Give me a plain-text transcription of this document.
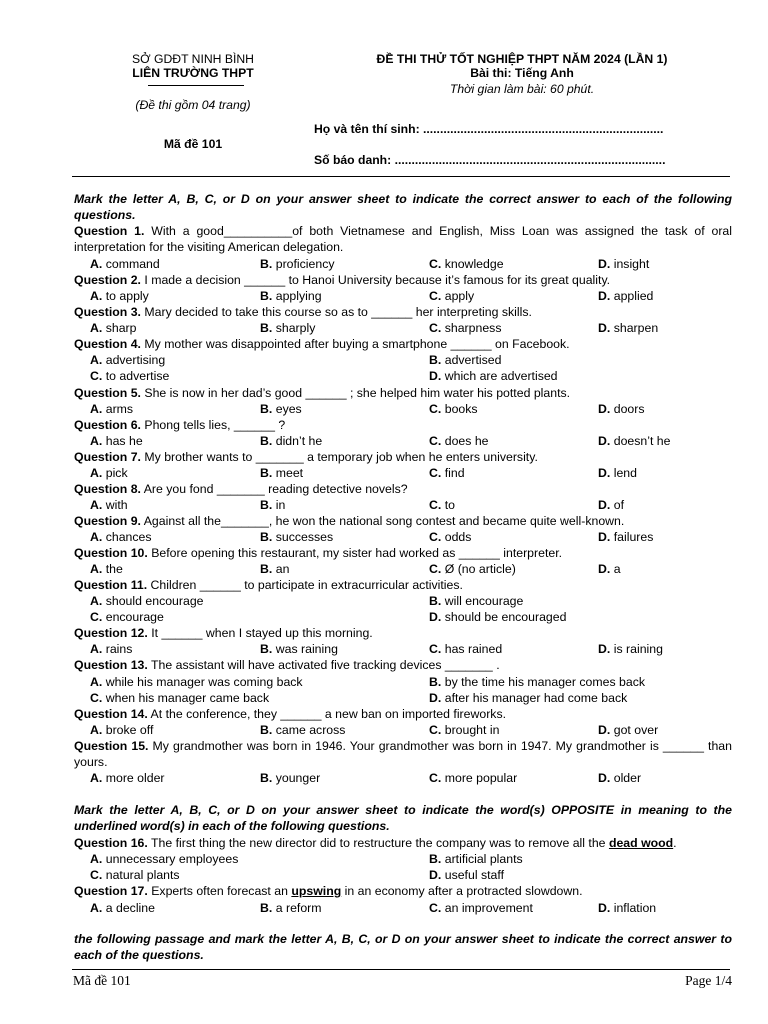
SỞ GDĐT NINH BÌNH
LIÊN TRƯỜNG THPT
(Đề thi gồm 04 trang)
Mã đề 101
ĐỀ THI THỬ TỐT NGHIỆP THPT NĂM 2024 (LẦN 1)
Bài thi: Tiếng Anh
Thời gian làm bài: 60 phút.
Họ và tên thí sinh: .......................................................................
Số báo danh: ................................................................................
Mark the letter A, B, C, or D on your answer sheet to indicate the correct answer to each of the following questions.
Question 1. With a good__________of both Vietnamese and English, Miss Loan was assigned the task of oral interpretation for the visiting American delegation.
A. command	B. proficiency	C. knowledge	D. insight
Question 2. I made a decision ______ to Hanoi University because it’s famous for its great quality.
A. to apply	B. applying	C. apply	D. applied
Question 3. Mary decided to take this course so as to ______ her interpreting skills.
A. sharp	B. sharply	C. sharpness	D. sharpen
Question 4. My mother was disappointed after buying a smartphone ______ on Facebook.
A. advertising	B. advertised
C. to advertise	D. which are advertised
Question 5. She is now in her dad’s good ______ ; she helped him water his potted plants.
A. arms	B. eyes	C. books	D. doors
Question 6. Phong tells lies, ______ ?
A. has he	B. didn’t he	C. does he	D. doesn’t he
Question 7. My brother wants to _______ a temporary job when he enters university.
A. pick	B. meet	C. find	D. lend
Question 8. Are you fond _______ reading detective novels?
A. with	B. in	C. to	D. of
Question 9. Against all the_______, he won the national song contest and became quite well-known.
A. chances	B. successes	C. odds	D. failures
Question 10. Before opening this restaurant, my sister had worked as ______ interpreter.
A. the	B. an	C. Ø (no article)	D. a
Question 11. Children ______ to participate in extracurricular activities.
A. should encourage	B. will encourage
C. encourage	D. should be encouraged
Question 12. It ______ when I stayed up this morning.
A. rains	B. was raining	C. has rained	D. is raining
Question 13. The assistant will have activated five tracking devices _______ .
A. while his manager was coming back	B. by the time his manager comes back
C. when his manager came back	D. after his manager had come back
Question 14. At the conference, they ______ a new ban on imported fireworks.
A. broke off	B. came across	C. brought in	D. got over
Question 15. My grandmother was born in 1946. Your grandmother was born in 1947. My grandmother is ______ than yours.
A. more older	B. younger	C. more popular	D. older
Mark the letter A, B, C, or D on your answer sheet to indicate the word(s) OPPOSITE in meaning to the underlined word(s) in each of the following questions.
Question 16. The first thing the new director did to restructure the company was to remove all the dead wood.
A. unnecessary employees	B. artificial plants
C. natural plants	D. useful staff
Question 17. Experts often forecast an upswing in an economy after a protracted slowdown.
A. a decline	B. a reform	C. an improvement	D. inflation
the following passage and mark the letter A, B, C, or D on your answer sheet to indicate the correct answer to each of the questions.
Mã đề 101	Page 1/4
